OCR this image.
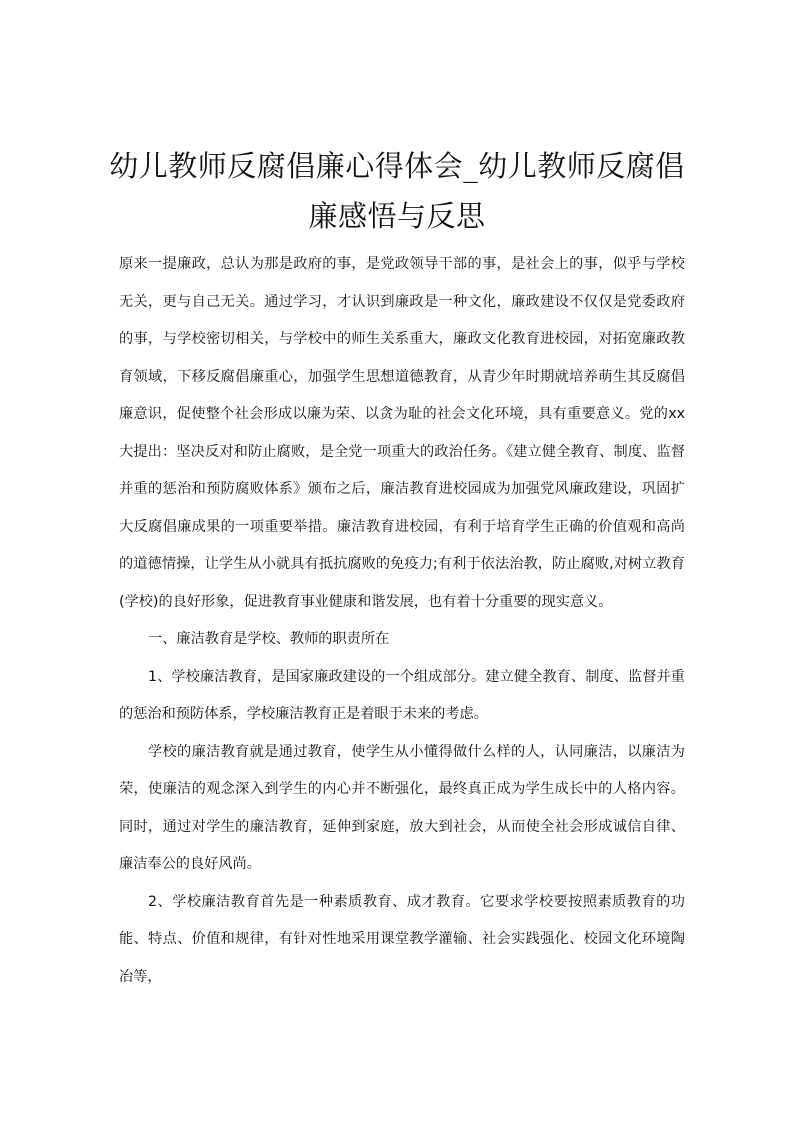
幼儿教师反腐倡廉心得体会_幼儿教师反腐倡廉感悟与反思

原来一提廉政，总认为那是政府的事，是党政领导干部的事，是社会上的事，似乎与学校无关，更与自己无关。通过学习，才认识到廉政是一种文化，廉政建设不仅仅是党委政府的事，与学校密切相关，与学校中的师生关系重大，廉政文化教育进校园，对拓宽廉政教育领域，下移反腐倡廉重心，加强学生思想道德教育，从青少年时期就培养萌生其反腐倡廉意识，促使整个社会形成以廉为荣、以贪为耻的社会文化环境，具有重要意义。党的xx大提出：坚决反对和防止腐败，是全党一项重大的政治任务。《建立健全教育、制度、监督并重的惩治和预防腐败体系》颁布之后，廉洁教育进校园成为加强党风廉政建设，巩固扩大反腐倡廉成果的一项重要举措。廉洁教育进校园，有利于培育学生正确的价值观和高尚的道德情操，让学生从小就具有抵抗腐败的免疫力;有利于依法治教，防止腐败,对树立教育(学校)的良好形象，促进教育事业健康和谐发展，也有着十分重要的现实意义。

一、廉洁教育是学校、教师的职责所在

1、学校廉洁教育，是国家廉政建设的一个组成部分。建立健全教育、制度、监督并重的惩治和预防体系，学校廉洁教育正是着眼于未来的考虑。

学校的廉洁教育就是通过教育，使学生从小懂得做什么样的人，认同廉洁，以廉洁为荣，使廉洁的观念深入到学生的内心并不断强化，最终真正成为学生成长中的人格内容。同时，通过对学生的廉洁教育，延伸到家庭，放大到社会，从而使全社会形成诚信自律、廉洁奉公的良好风尚。

2、学校廉洁教育首先是一种素质教育、成才教育。它要求学校要按照素质教育的功能、特点、价值和规律，有针对性地采用课堂教学灌输、社会实践强化、校园文化环境陶冶等，
